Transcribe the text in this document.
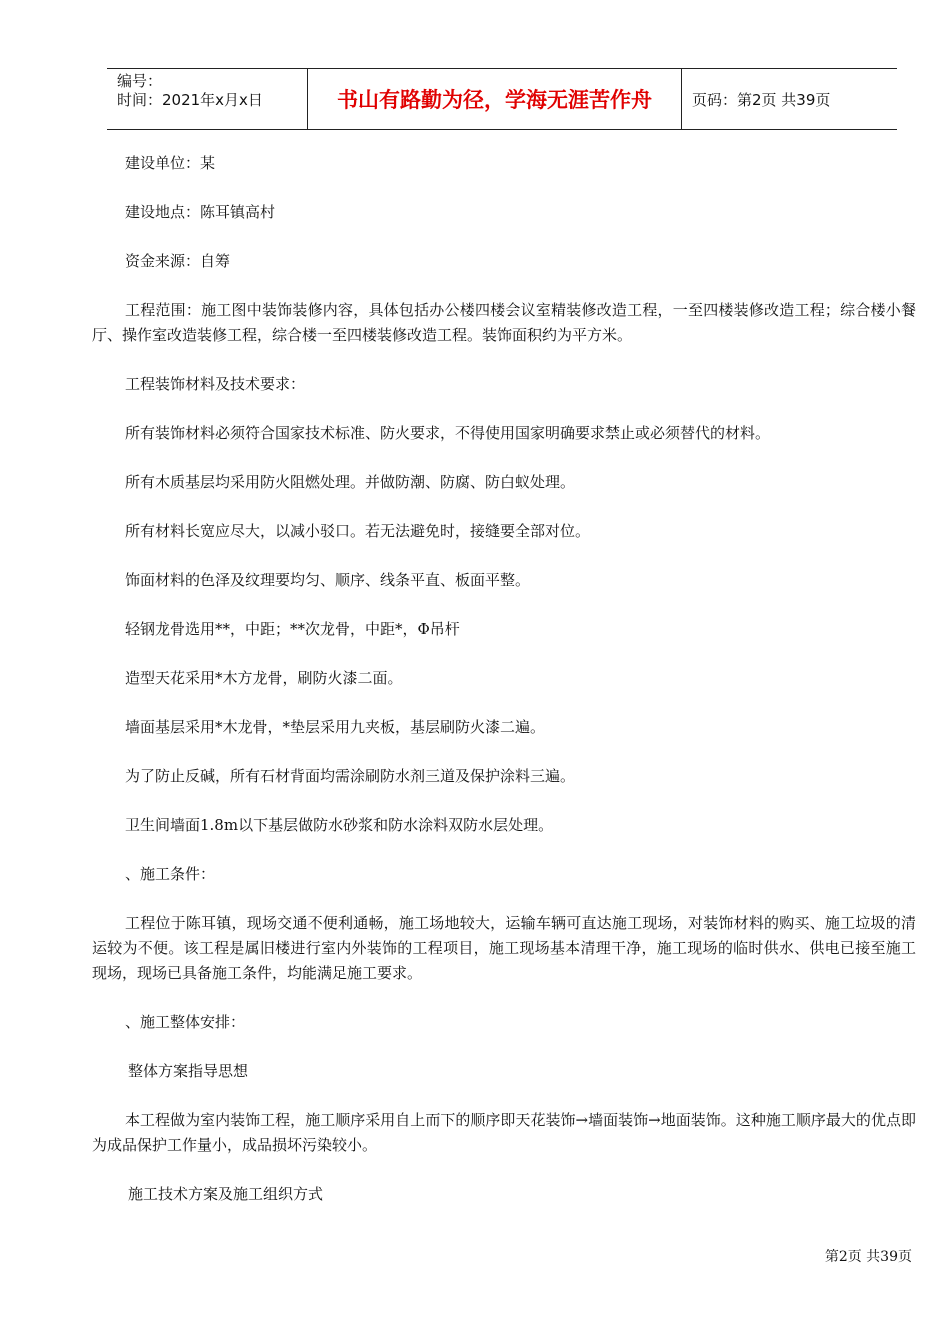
编号：
时间：2021年x月x日	书山有路勤为径，学海无涯苦作舟	页码：第2页 共39页

建设单位：某

建设地点：陈耳镇高村

资金来源：自筹

工程范围：施工图中装饰装修内容，具体包括办公楼四楼会议室精装修改造工程，一至四楼装修改造工程；综合楼小餐厅、操作室改造装修工程，综合楼一至四楼装修改造工程。装饰面积约为平方米。

工程装饰材料及技术要求：

所有装饰材料必须符合国家技术标准、防火要求，不得使用国家明确要求禁止或必须替代的材料。

所有木质基层均采用防火阻燃处理。并做防潮、防腐、防白蚁处理。

所有材料长宽应尽大，以减小驳口。若无法避免时，接缝要全部对位。

饰面材料的色泽及纹理要均匀、顺序、线条平直、板面平整。

轻钢龙骨选用**，中距；**次龙骨，中距*，Φ吊杆

造型天花采用*木方龙骨，刷防火漆二面。

墙面基层采用*木龙骨，*垫层采用九夹板，基层刷防火漆二遍。

为了防止反碱，所有石材背面均需涂刷防水剂三道及保护涂料三遍。

卫生间墙面1.8m以下基层做防水砂浆和防水涂料双防水层处理。

、施工条件：

工程位于陈耳镇，现场交通不便利通畅，施工场地较大，运输车辆可直达施工现场，对装饰材料的购买、施工垃圾的清运较为不便。该工程是属旧楼进行室内外装饰的工程项目，施工现场基本清理干净，施工现场的临时供水、供电已接至施工现场，现场已具备施工条件，均能满足施工要求。

、施工整体安排：

整体方案指导思想

本工程做为室内装饰工程，施工顺序采用自上而下的顺序即天花装饰→墙面装饰→地面装饰。这种施工顺序最大的优点即为成品保护工作量小，成品损坏污染较小。

施工技术方案及施工组织方式

第2页 共39页
